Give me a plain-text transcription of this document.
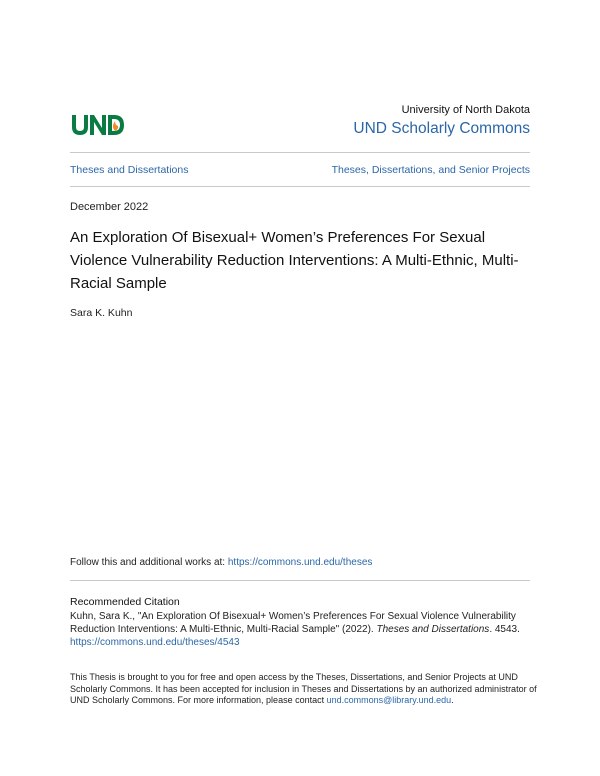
University of North Dakota
UND Scholarly Commons
Theses and Dissertations	Theses, Dissertations, and Senior Projects
December 2022
An Exploration Of Bisexual+ Women’s Preferences For Sexual Violence Vulnerability Reduction Interventions: A Multi-Ethnic, Multi-Racial Sample
Sara K. Kuhn
Follow this and additional works at: https://commons.und.edu/theses
Recommended Citation
Kuhn, Sara K., "An Exploration Of Bisexual+ Women’s Preferences For Sexual Violence Vulnerability Reduction Interventions: A Multi-Ethnic, Multi-Racial Sample" (2022). Theses and Dissertations. 4543.
https://commons.und.edu/theses/4543
This Thesis is brought to you for free and open access by the Theses, Dissertations, and Senior Projects at UND Scholarly Commons. It has been accepted for inclusion in Theses and Dissertations by an authorized administrator of UND Scholarly Commons. For more information, please contact und.commons@library.und.edu.
